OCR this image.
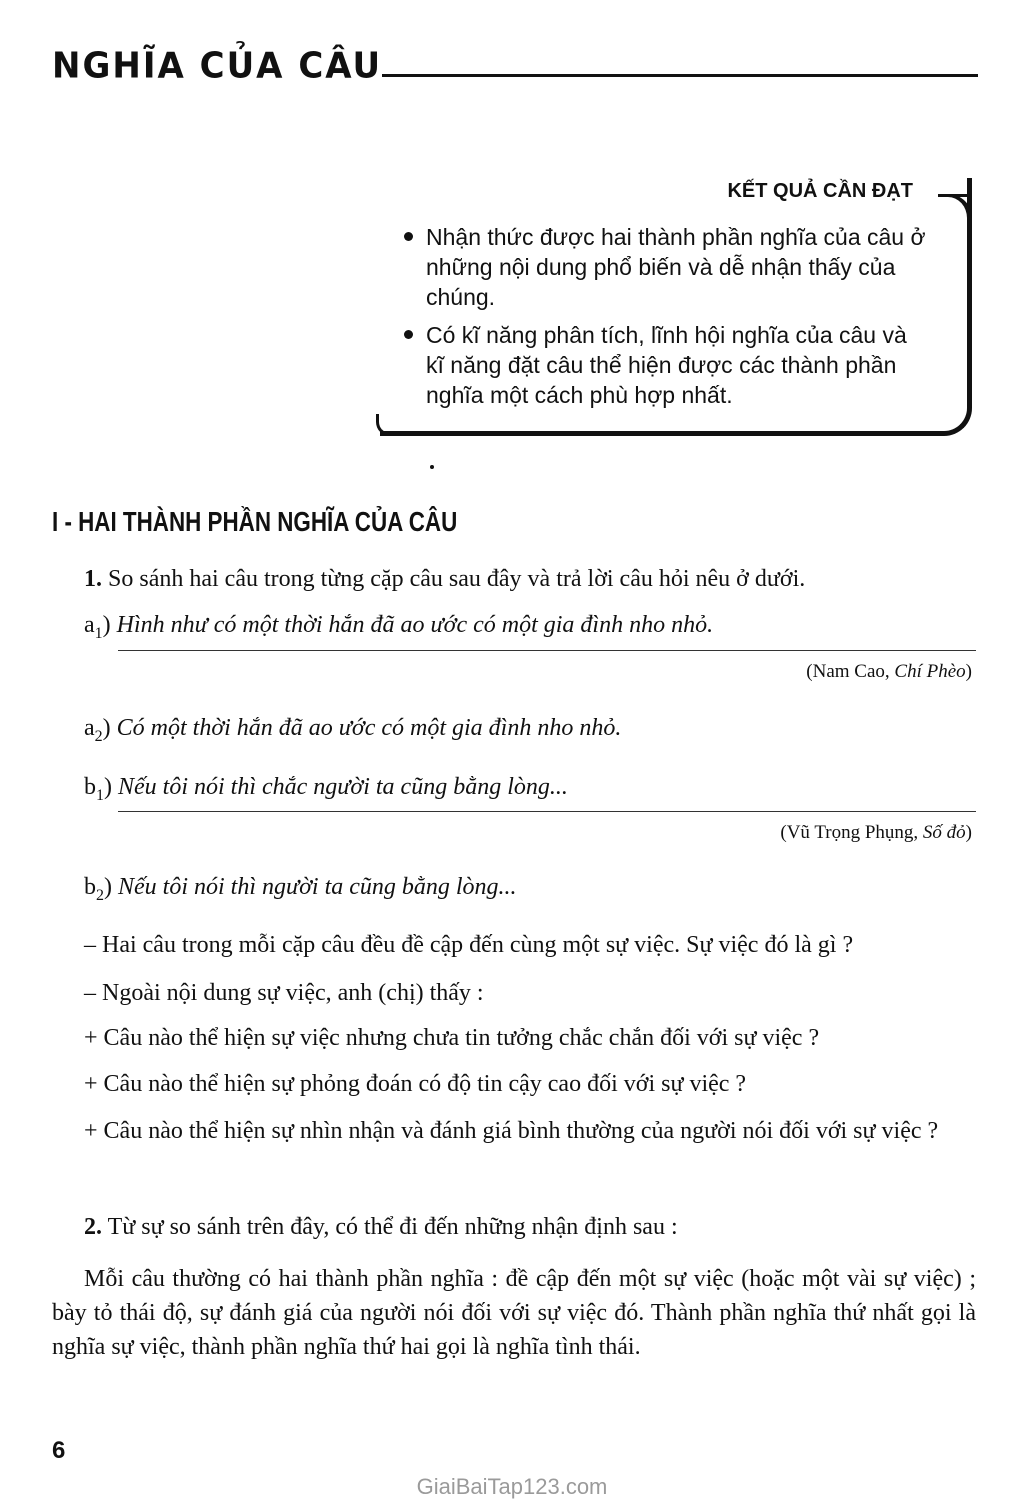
NGHĨA CỦA CÂU
KẾT QUẢ CẦN ĐẠT
Nhận thức được hai thành phần nghĩa của câu ở những nội dung phổ biến và dễ nhận thấy của chúng.
Có kĩ năng phân tích, lĩnh hội nghĩa của câu và kĩ năng đặt câu thể hiện được các thành phần nghĩa một cách phù hợp nhất.
I - HAI THÀNH PHẦN NGHĨA CỦA CÂU
1. So sánh hai câu trong từng cặp câu sau đây và trả lời câu hỏi nêu ở dưới.
$a_1$) Hình như có một thời hắn đã ao ước có một gia đình nho nhỏ.
(Nam Cao, Chí Phèo)
$a_2$) Có một thời hắn đã ao ước có một gia đình nho nhỏ.
$b_1$) Nếu tôi nói thì chắc người ta cũng bằng lòng...
(Vũ Trọng Phụng, Số đỏ)
$b_2$) Nếu tôi nói thì người ta cũng bằng lòng...
– Hai câu trong mỗi cặp câu đều đề cập đến cùng một sự việc. Sự việc đó là gì ?
– Ngoài nội dung sự việc, anh (chị) thấy :
+ Câu nào thể hiện sự việc nhưng chưa tin tưởng chắc chắn đối với sự việc ?
+ Câu nào thể hiện sự phỏng đoán có độ tin cậy cao đối với sự việc ?
+ Câu nào thể hiện sự nhìn nhận và đánh giá bình thường của người nói đối với sự việc ?
2. Từ sự so sánh trên đây, có thể đi đến những nhận định sau :
Mỗi câu thường có hai thành phần nghĩa : đề cập đến một sự việc (hoặc một vài sự việc) ; bày tỏ thái độ, sự đánh giá của người nói đối với sự việc đó. Thành phần nghĩa thứ nhất gọi là nghĩa sự việc, thành phần nghĩa thứ hai gọi là nghĩa tình thái.
6
GiaiBaiTap123.com
